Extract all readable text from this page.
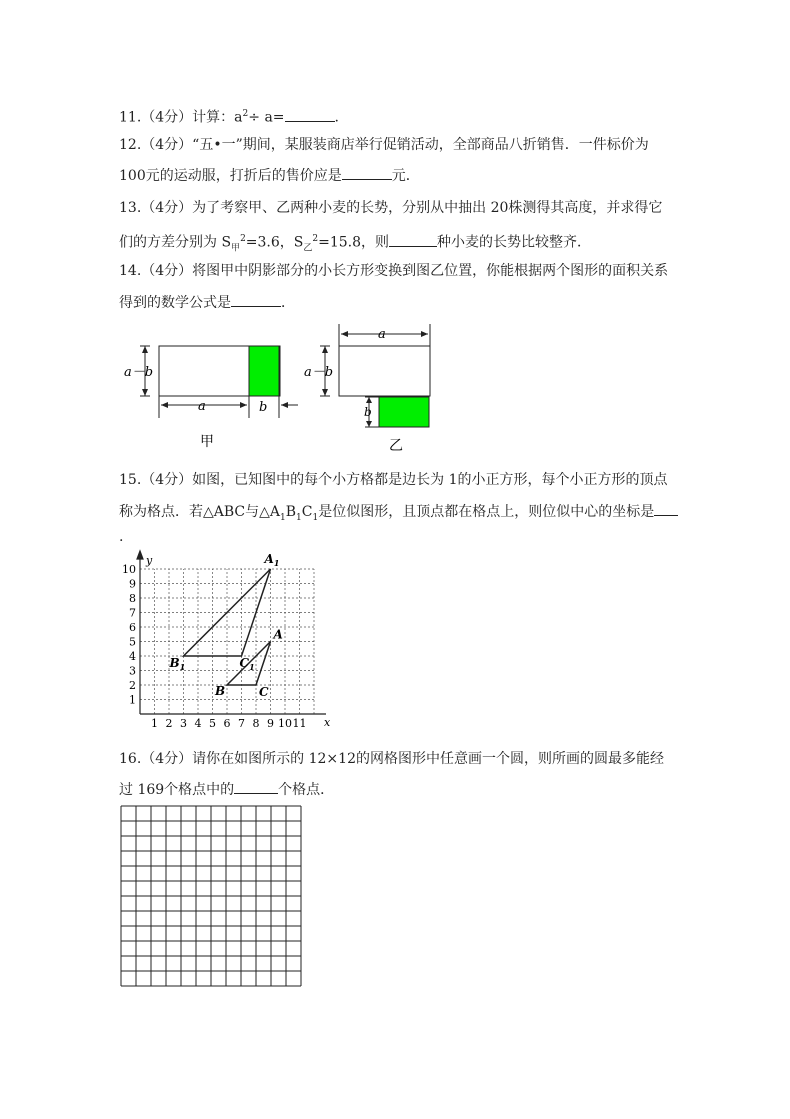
11.（4分）计算：$a^2\div a=$	.
12.（4分）“五•一”期间，某服装商店举行促销活动，全部商品八折销售．一件标价为
100元的运动服，打折后的售价应是	元．
13.（4分）为了考察甲、乙两种小麦的长势，分别从中抽出 20株测得其高度，并求得它
们的方差分别为 $S_甲^2=3.6$，$S_乙^2=15.8$，则	种小麦的长势比较整齐．
14.（4分）将图甲中阴影部分的小长方形变换到图乙位置，你能根据两个图形的面积关系
得到的数学公式是	．
a－b
a	b
a
a－b
b
甲	乙
15.（4分）如图，已知图中的每个小方格都是边长为 1的小正方形，每个小正方形的顶点
称为格点．若△ABC与$\triangle A_1B_1C_1$是位似图形，且顶点都在格点上，则位似中心的坐标是
.
1 2 3 4 5 6 7 8 9 10 11
1
2
3
4
5
6
7
8
9
10
x
y
A
B	C
$A_1$
$B_1$	$C_1$
16.（4分）请你在如图所示的 12×12的网格图形中任意画一个圆，则所画的圆最多能经
过 169个格点中的	个格点．
